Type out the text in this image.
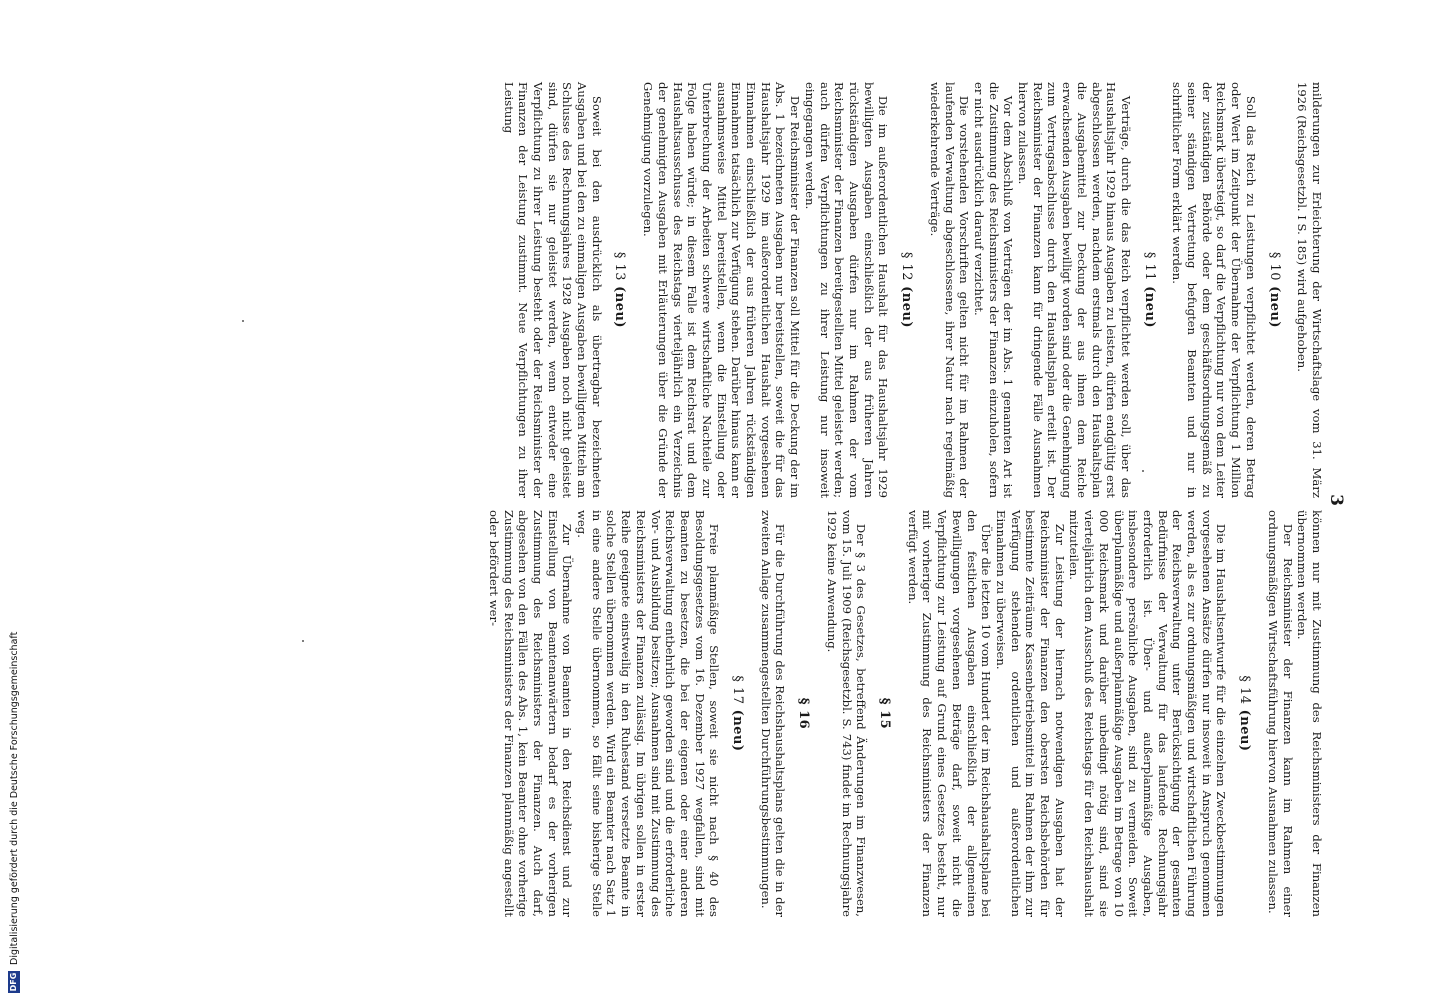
3

milderungen zur Erleichterung der Wirtschaftslage vom 31. März 1926 (Reichsgesetzbl. I S. 185) wird aufgehoben.

§ 10 (neu)

Soll das Reich zu Leistungen verpflichtet werden, deren Betrag oder Wert im Zeitpunkt der Übernahme der Verpflichtung 1 Million Reichsmark übersteigt, so darf die Verpflichtung nur von dem Leiter der zuständigen Behörde oder dem geschäftsordnungsgemäß zu seiner ständigen Vertretung befugten Beamten und nur in schriftlicher Form erklärt werden.

§ 11 (neu)

Verträge, durch die das Reich verpflichtet werden soll, über das Haushaltsjahr 1929 hinaus Ausgaben zu leisten, dürfen endgültig erst abgeschlossen werden, nachdem erstmals durch den Haushaltsplan die Ausgabemittel zur Deckung der aus ihnen dem Reiche erwachsenden Ausgaben bewilligt worden sind oder die Genehmigung zum Vertragsabschlusse durch den Haushaltsplan erteilt ist. Der Reichsminister der Finanzen kann für dringende Fälle Ausnahmen hiervon zulassen.

Vor dem Abschluß von Verträgen der im Abs. 1 genannten Art ist die Zustimmung des Reichsministers der Finanzen einzuholen, sofern er nicht ausdrücklich darauf verzichtet.

Die vorstehenden Vorschriften gelten nicht für im Rahmen der laufenden Verwaltung abgeschlossene, ihrer Natur nach regelmäßig wiederkehrende Verträge.

§ 12 (neu)

Die im außerordentlichen Haushalt für das Haushaltsjahr 1929 bewilligten Ausgaben einschließlich der aus früheren Jahren rückständigen Ausgaben dürfen nur im Rahmen der vom Reichsminister der Finanzen bereitgestellten Mittel geleistet werden; auch dürfen Verpflichtungen zu ihrer Leistung nur insoweit eingegangen werden.

Der Reichsminister der Finanzen soll Mittel für die Deckung der im Abs. 1 bezeichneten Ausgaben nur bereitstellen, soweit die für das Haushaltsjahr 1929 im außerordentlichen Haushalt vorgesehenen Einnahmen einschließlich der aus früheren Jahren rückständigen Einnahmen tatsächlich zur Verfügung stehen. Darüber hinaus kann er ausnahmsweise Mittel bereitstellen, wenn die Einstellung oder Unterbrechung der Arbeiten schwere wirtschaftliche Nachteile zur Folge haben würde; in diesem Falle ist dem Reichsrat und dem Haushaltsausschusse des Reichstags vierteljährlich ein Verzeichnis der genehmigten Ausgaben mit Erläuterungen über die Gründe der Genehmigung vorzulegen.

§ 13 (neu)

Soweit bei den ausdrücklich als übertragbar bezeichneten Ausgaben und bei den zu einmaligen Ausgaben bewilligten Mitteln am Schlusse des Rechnungsjahres 1928 Ausgaben noch nicht geleistet sind, dürfen sie nur geleistet werden, wenn entweder eine Verpflichtung zu ihrer Leistung besteht oder der Reichsminister der Finanzen der Leistung zustimmt. Neue Verpflichtungen zu ihrer Leistung

können nur mit Zustimmung des Reichsministers der Finanzen übernommen werden.

Der Reichsminister der Finanzen kann im Rahmen einer ordnungsmäßigen Wirtschaftsführung hiervon Ausnahmen zulassen.

§ 14 (neu)

Die im Haushaltsentwurfe für die einzelnen Zweckbestimmungen vorgesehenen Ansätze dürfen nur insoweit in Anspruch genommen werden, als es zur ordnungsmäßigen und wirtschaftlichen Führung der Reichsverwaltung unter Berücksichtigung der gesamten Bedürfnisse der Verwaltung für das laufende Rechnungsjahr erforderlich ist. Über- und außerplanmäßige Ausgaben, insbesondere persönliche Ausgaben, sind zu vermeiden. Soweit überplanmäßige und außerplanmäßige Ausgaben im Betrage von 10 000 Reichsmark und darüber unbedingt nötig sind, sind sie vierteljährlich dem Ausschuß des Reichstags für den Reichshaushalt mitzuteilen.

Zur Leistung der hiernach notwendigen Ausgaben hat der Reichsminister der Finanzen den obersten Reichsbehörden für bestimmte Zeiträume Kassenbetriebsmittel im Rahmen der ihm zur Verfügung stehenden ordentlichen und außerordentlichen Einnahmen zu überweisen.

Über die letzten 10 vom Hundert der im Reichshaushaltsplane bei den festlichen Ausgaben einschließlich der allgemeinen Bewilligungen vorgesehenen Beträge darf, soweit nicht die Verpflichtung zur Leistung auf Grund eines Gesetzes besteht, nur mit vorheriger Zustimmung des Reichsministers der Finanzen verfügt werden.

§ 15

Der § 3 des Gesetzes, betreffend Änderungen im Finanzwesen, vom 15. Juli 1909 (Reichsgesetzbl. S. 743) findet im Rechnungsjahre 1929 keine Anwendung.

§ 16

Für die Durchführung des Reichshaushaltsplans gelten die in der zweiten Anlage zusammengestellten Durchführungsbestimmungen.

§ 17 (neu)

Freie planmäßige Stellen, soweit sie nicht nach § 40 des Besoldungsgesetzes vom 16. Dezember 1927 wegfallen, sind mit Beamten zu besetzen, die bei der eigenen oder einer anderen Reichsverwaltung entbehrlich geworden sind und die erforderliche Vor- und Ausbildung besitzen; Ausnahmen sind mit Zustimmung des Reichsministers der Finanzen zulässig. Im übrigen sollen in erster Reihe geeignete einstweilig in den Ruhestand versetzte Beamte in solche Stellen übernommen werden. Wird ein Beamter nach Satz 1 in eine andere Stelle übernommen, so fällt seine bisherige Stelle weg.

Zur Übernahme von Beamten in den Reichsdienst und zur Einstellung von Beamtenanwärtern bedarf es der vorherigen Zustimmung des Reichsministers der Finanzen. Auch darf, abgesehen von den Fällen des Abs. 1, kein Beamter ohne vorherige Zustimmung des Reichsministers der Finanzen planmäßig angestellt oder befördert wer-

DFG
Digitalisierung gefördert durch die Deutsche Forschungsgemeinschaft
